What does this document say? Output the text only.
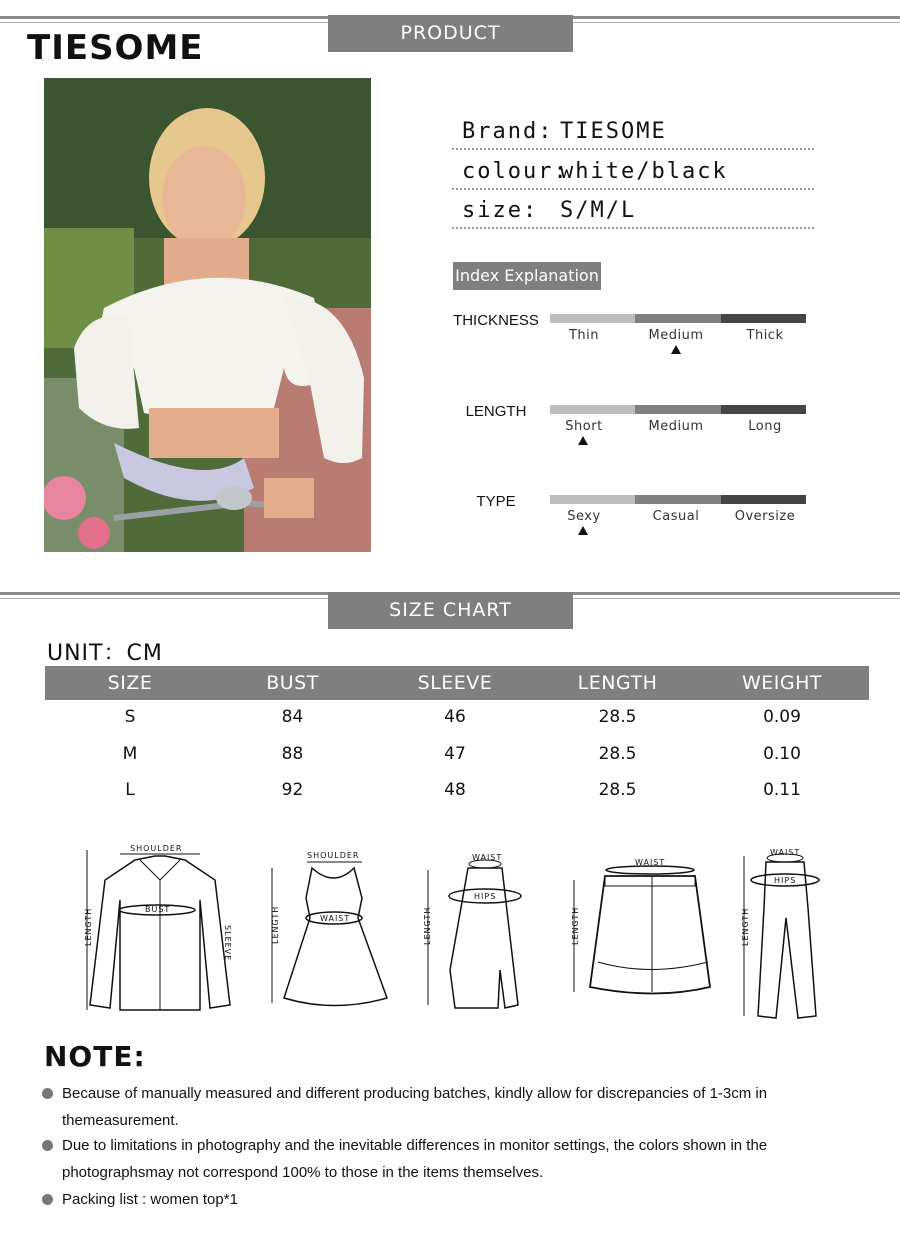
PRODUCT INFORMATION
TIESOME
Brand: TIESOME
colour:
white/black
size: S/M/L
Index Explanation
THICKNESS
Thin	Medium	Thick
LENGTH
Short	Medium	Long
TYPE
Sexy	Casual	Oversize
SIZE CHART
UNIT：CM
SIZE	BUST	SLEEVE	LENGTH	WEIGHT
S	84	46	28.5	0.09
M	88	47	28.5	0.10
L	92	48	28.5	0.11
SHOULDER
BUST
LENGTH	SLEEVE
SHOULDER
WAIST
LENGTH
WAIST
HIPS
LENGTH
WAIST
LENGTH
WAIST
HIPS
LENGTH
NOTE:
Because of manually measured and different producing batches, kindly allow for discrepancies of 1-3cm in themeasurement.
Due to limitations in photography and the inevitable differences in monitor settings, the colors shown in the photographsmay not correspond 100% to those in the items themselves.
Packing list : women top*1
